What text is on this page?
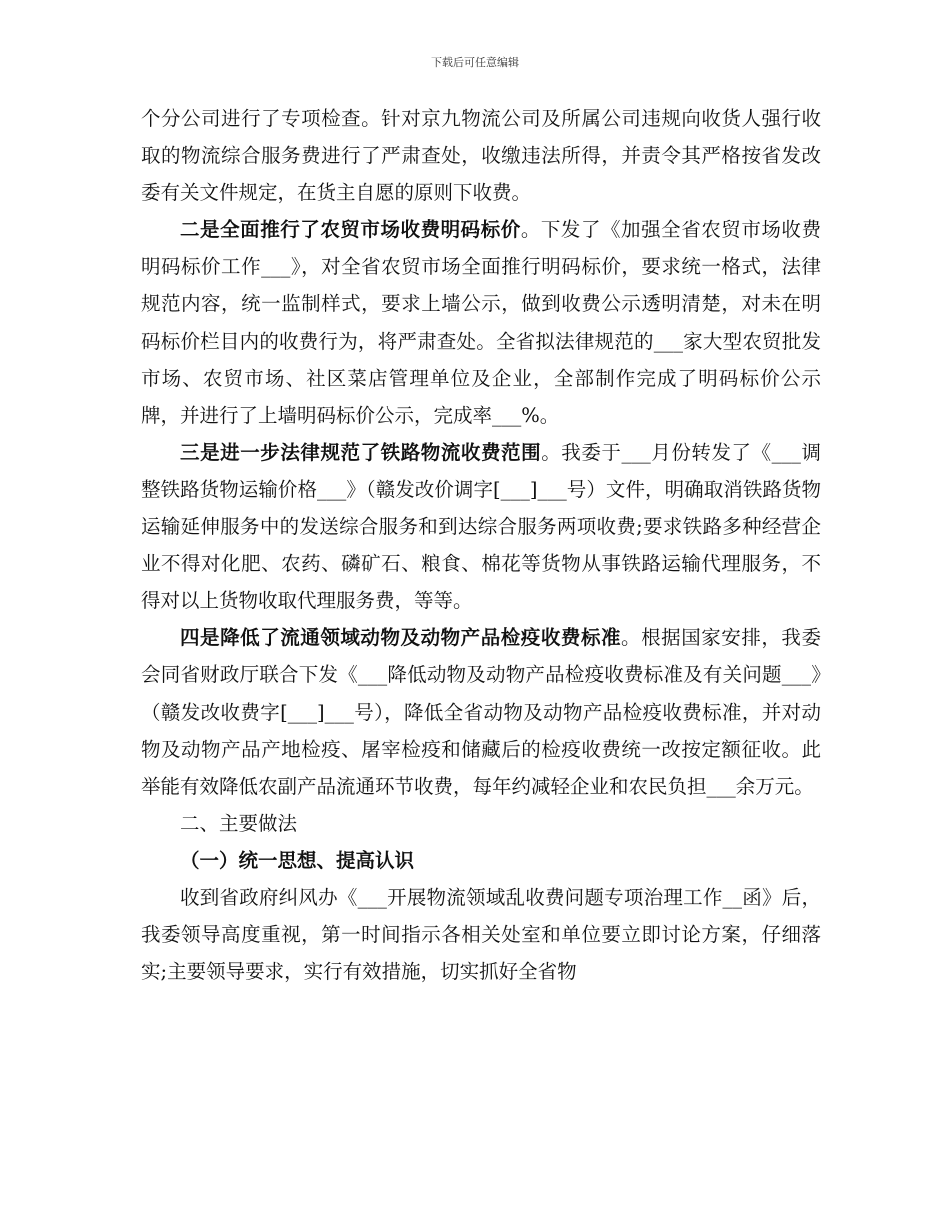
下载后可任意编辑

个分公司进行了专项检查。针对京九物流公司及所属公司违规向收货人强行收取的物流综合服务费进行了严肃查处，收缴违法所得，并责令其严格按省发改委有关文件规定，在货主自愿的原则下收费。

二是全面推行了农贸市场收费明码标价。下发了《加强全省农贸市场收费明码标价工作___》，对全省农贸市场全面推行明码标价，要求统一格式，法律规范内容，统一监制样式，要求上墙公示，做到收费公示透明清楚，对未在明码标价栏目内的收费行为，将严肃查处。全省拟法律规范的___家大型农贸批发市场、农贸市场、社区菜店管理单位及企业，全部制作完成了明码标价公示牌，并进行了上墙明码标价公示，完成率___%。

三是进一步法律规范了铁路物流收费范围。我委于___月份转发了《___调整铁路货物运输价格___》（赣发改价调字[___]___号）文件，明确取消铁路货物运输延伸服务中的发送综合服务和到达综合服务两项收费;要求铁路多种经营企业不得对化肥、农药、磷矿石、粮食、棉花等货物从事铁路运输代理服务，不得对以上货物收取代理服务费，等等。

四是降低了流通领域动物及动物产品检疫收费标准。根据国家安排，我委会同省财政厅联合下发《___降低动物及动物产品检疫收费标准及有关问题___》（赣发改收费字[___]___号），降低全省动物及动物产品检疫收费标准，并对动物及动物产品产地检疫、屠宰检疫和储藏后的检疫收费统一改按定额征收。此举能有效降低农副产品流通环节收费，每年约减轻企业和农民负担___余万元。

二、主要做法

（一）统一思想、提高认识

收到省政府纠风办《___开展物流领域乱收费问题专项治理工作__函》后，我委领导高度重视，第一时间指示各相关处室和单位要立即讨论方案，仔细落实;主要领导要求，实行有效措施，切实抓好全省物
